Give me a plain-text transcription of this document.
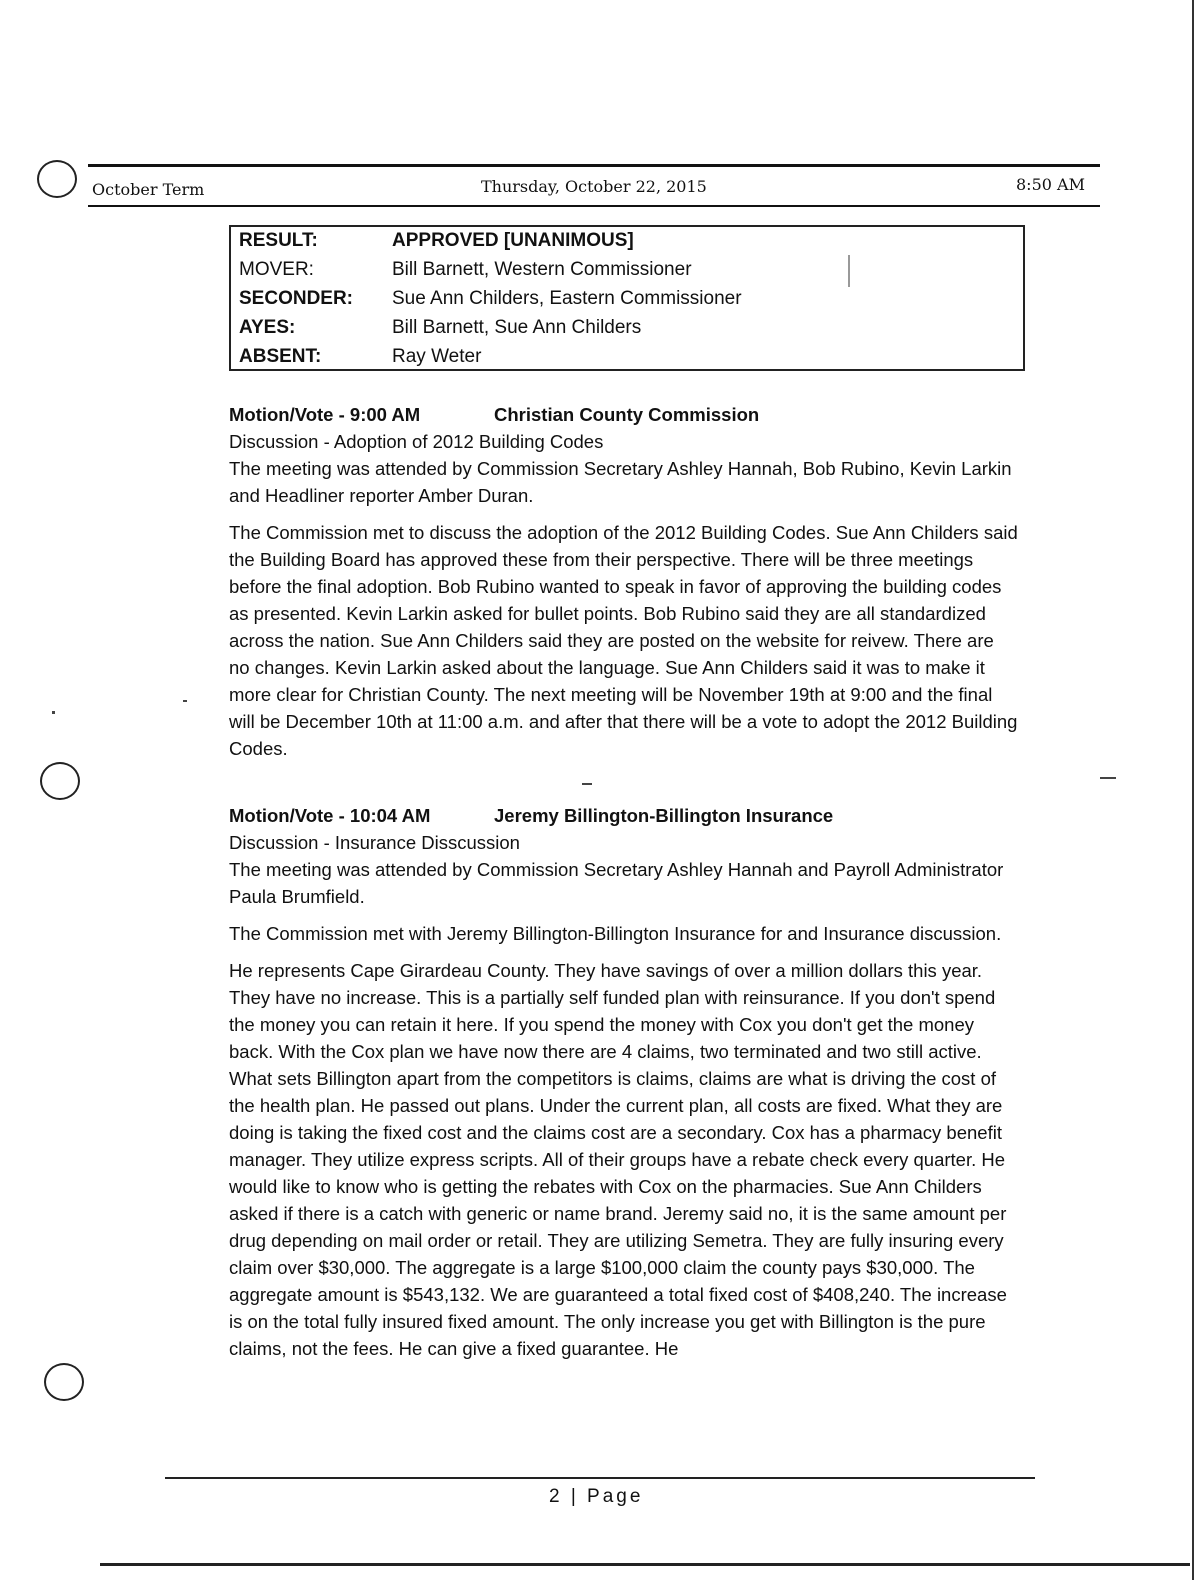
October Term	Thursday, October 22, 2015	8:50 AM
RESULT:	APPROVED [UNANIMOUS]
MOVER:	Bill Barnett, Western Commissioner
SECONDER: Sue Ann Childers, Eastern Commissioner
AYES:	Bill Barnett, Sue Ann Childers
ABSENT:	Ray Weter
Motion/Vote - 9:00 AM	Christian County Commission

Discussion - Adoption of 2012 Building Codes

The meeting was attended by Commission Secretary Ashley Hannah, Bob Rubino, Kevin Larkin and Headliner reporter Amber Duran.

The Commission met to discuss the adoption of the 2012 Building Codes. Sue Ann Childers said the Building Board has approved these from their perspective. There will be three meetings before the final adoption. Bob Rubino wanted to speak in favor of approving the building codes as presented. Kevin Larkin asked for bullet points. Bob Rubino said they are all standardized across the nation. Sue Ann Childers said they are posted on the website for reivew. There are no changes. Kevin Larkin asked about the language. Sue Ann Childers said it was to make it more clear for Christian County. The next meeting will be November 19th at 9:00 and the final will be December 10th at 11:00 a.m. and after that there will be a vote to adopt the 2012 Building Codes.

Motion/Vote - 10:04 AM	Jeremy Billington-Billington Insurance

Discussion - Insurance Disscussion

The meeting was attended by Commission Secretary Ashley Hannah and Payroll Administrator Paula Brumfield.

The Commission met with Jeremy Billington-Billington Insurance for and Insurance discussion.

He represents Cape Girardeau County. They have savings of over a million dollars this year. They have no increase. This is a partially self funded plan with reinsurance. If you don't spend the money you can retain it here. If you spend the money with Cox you don't get the money back. With the Cox plan we have now there are 4 claims, two terminated and two still active. What sets Billington apart from the competitors is claims, claims are what is driving the cost of the health plan. He passed out plans. Under the current plan, all costs are fixed. What they are doing is taking the fixed cost and the claims cost are a secondary. Cox has a pharmacy benefit manager. They utilize express scripts. All of their groups have a rebate check every quarter. He would like to know who is getting the rebates with Cox on the pharmacies. Sue Ann Childers asked if there is a catch with generic or name brand. Jeremy said no, it is the same amount per drug depending on mail order or retail. They are utilizing Semetra. They are fully insuring every claim over $30,000. The aggregate is a large $100,000 claim the county pays $30,000. The aggregate amount is $543,132. We are guaranteed a total fixed cost of $408,240. The increase is on the total fully insured fixed amount. The only increase you get with Billington is the pure claims, not the fees. He can give a fixed guarantee. He

2 | Page
